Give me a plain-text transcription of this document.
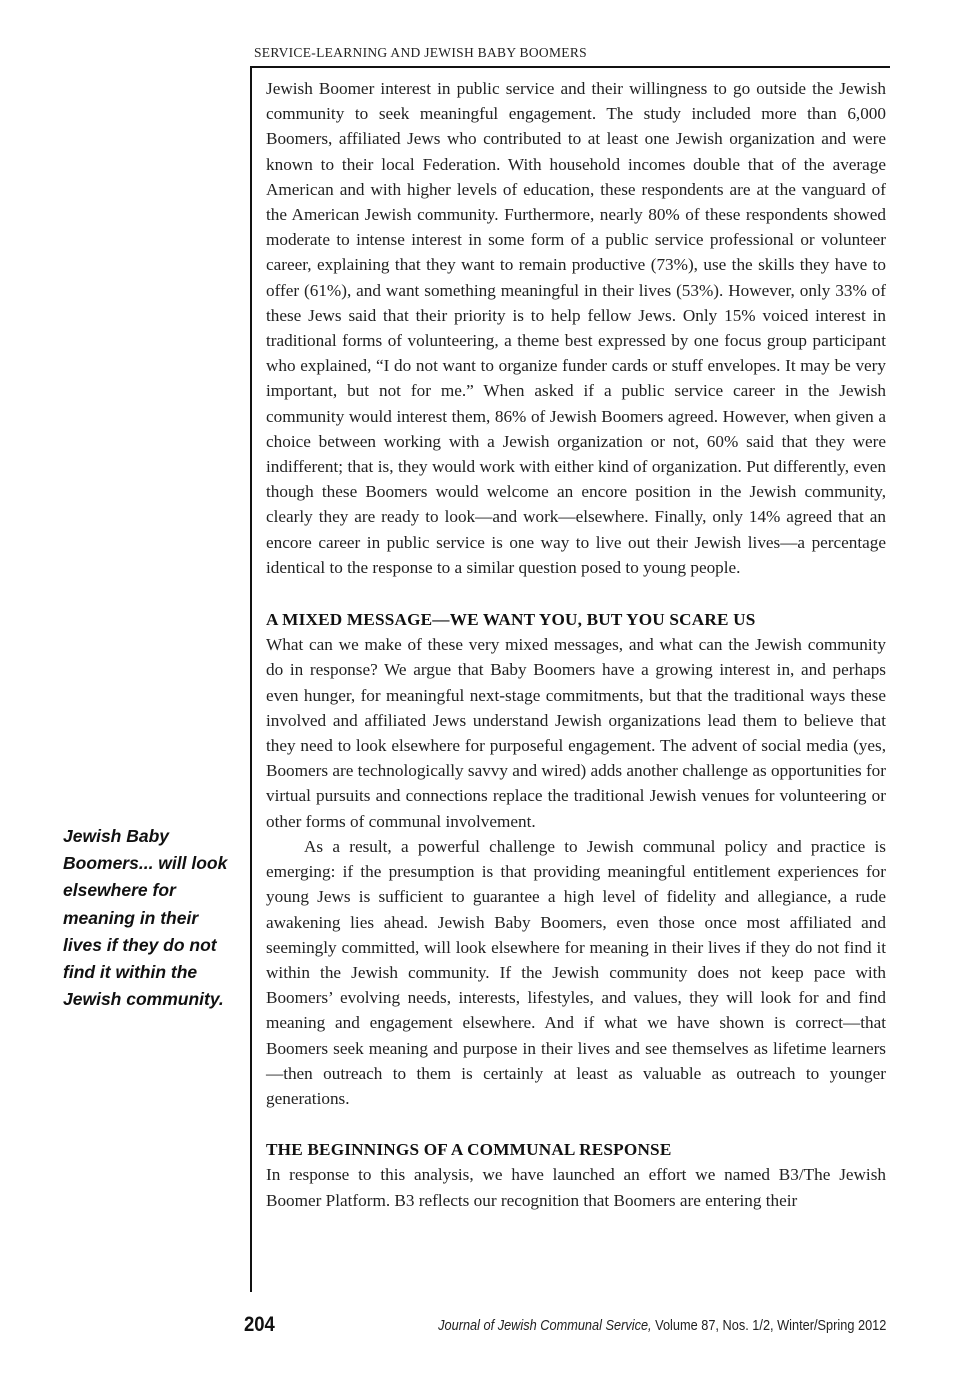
SERVICE-LEARNING AND JEWISH BABY BOOMERS

Jewish Boomer interest in public service and their willingness to go outside the Jewish community to seek meaningful engagement. The study included more than 6,000 Boomers, affiliated Jews who contributed to at least one Jewish organization and were known to their local Federation. With household incomes double that of the average American and with higher levels of education, these respondents are at the vanguard of the American Jewish community. Furthermore, nearly 80% of these respondents showed moderate to intense interest in some form of a public service professional or volunteer career, explaining that they want to remain productive (73%), use the skills they have to offer (61%), and want something meaningful in their lives (53%). However, only 33% of these Jews said that their priority is to help fellow Jews. Only 15% voiced interest in traditional forms of volunteering, a theme best expressed by one focus group participant who explained, “I do not want to organize funder cards or stuff envelopes. It may be very important, but not for me.” When asked if a public service career in the Jewish community would interest them, 86% of Jewish Boomers agreed. However, when given a choice between working with a Jewish organization or not, 60% said that they were indifferent; that is, they would work with either kind of organization. Put differently, even though these Boomers would welcome an encore position in the Jewish community, clearly they are ready to look—and work—elsewhere. Finally, only 14% agreed that an encore career in public service is one way to live out their Jewish lives—a percentage identical to the response to a similar question posed to young people.

A MIXED MESSAGE—WE WANT YOU, BUT YOU SCARE US

What can we make of these very mixed messages, and what can the Jewish community do in response? We argue that Baby Boomers have a growing interest in, and perhaps even hunger, for meaningful next-stage commitments, but that the traditional ways these involved and affiliated Jews understand Jewish organizations lead them to believe that they need to look elsewhere for purposeful engagement. The advent of social media (yes, Boomers are technologically savvy and wired) adds another challenge as opportunities for virtual pursuits and connections replace the traditional Jewish venues for volunteering or other forms of communal involvement.

As a result, a powerful challenge to Jewish communal policy and practice is emerging: if the presumption is that providing meaningful entitlement experiences for young Jews is sufficient to guarantee a high level of fidelity and allegiance, a rude awakening lies ahead. Jewish Baby Boomers, even those once most affiliated and seemingly committed, will look elsewhere for meaning in their lives if they do not find it within the Jewish community. If the Jewish community does not keep pace with Boomers’ evolving needs, interests, lifestyles, and values, they will look for and find meaning and engagement elsewhere. And if what we have shown is correct—that Boomers seek meaning and purpose in their lives and see themselves as lifetime learners—then outreach to them is certainly at least as valuable as outreach to younger generations.

THE BEGINNINGS OF A COMMUNAL RESPONSE

In response to this analysis, we have launched an effort we named B3/The Jewish Boomer Platform. B3 reflects our recognition that Boomers are entering their

Jewish Baby Boomers... will look elsewhere for meaning in their lives if they do not find it within the Jewish community.
204	Journal of Jewish Communal Service, Volume 87, Nos. 1/2, Winter/Spring 2012
